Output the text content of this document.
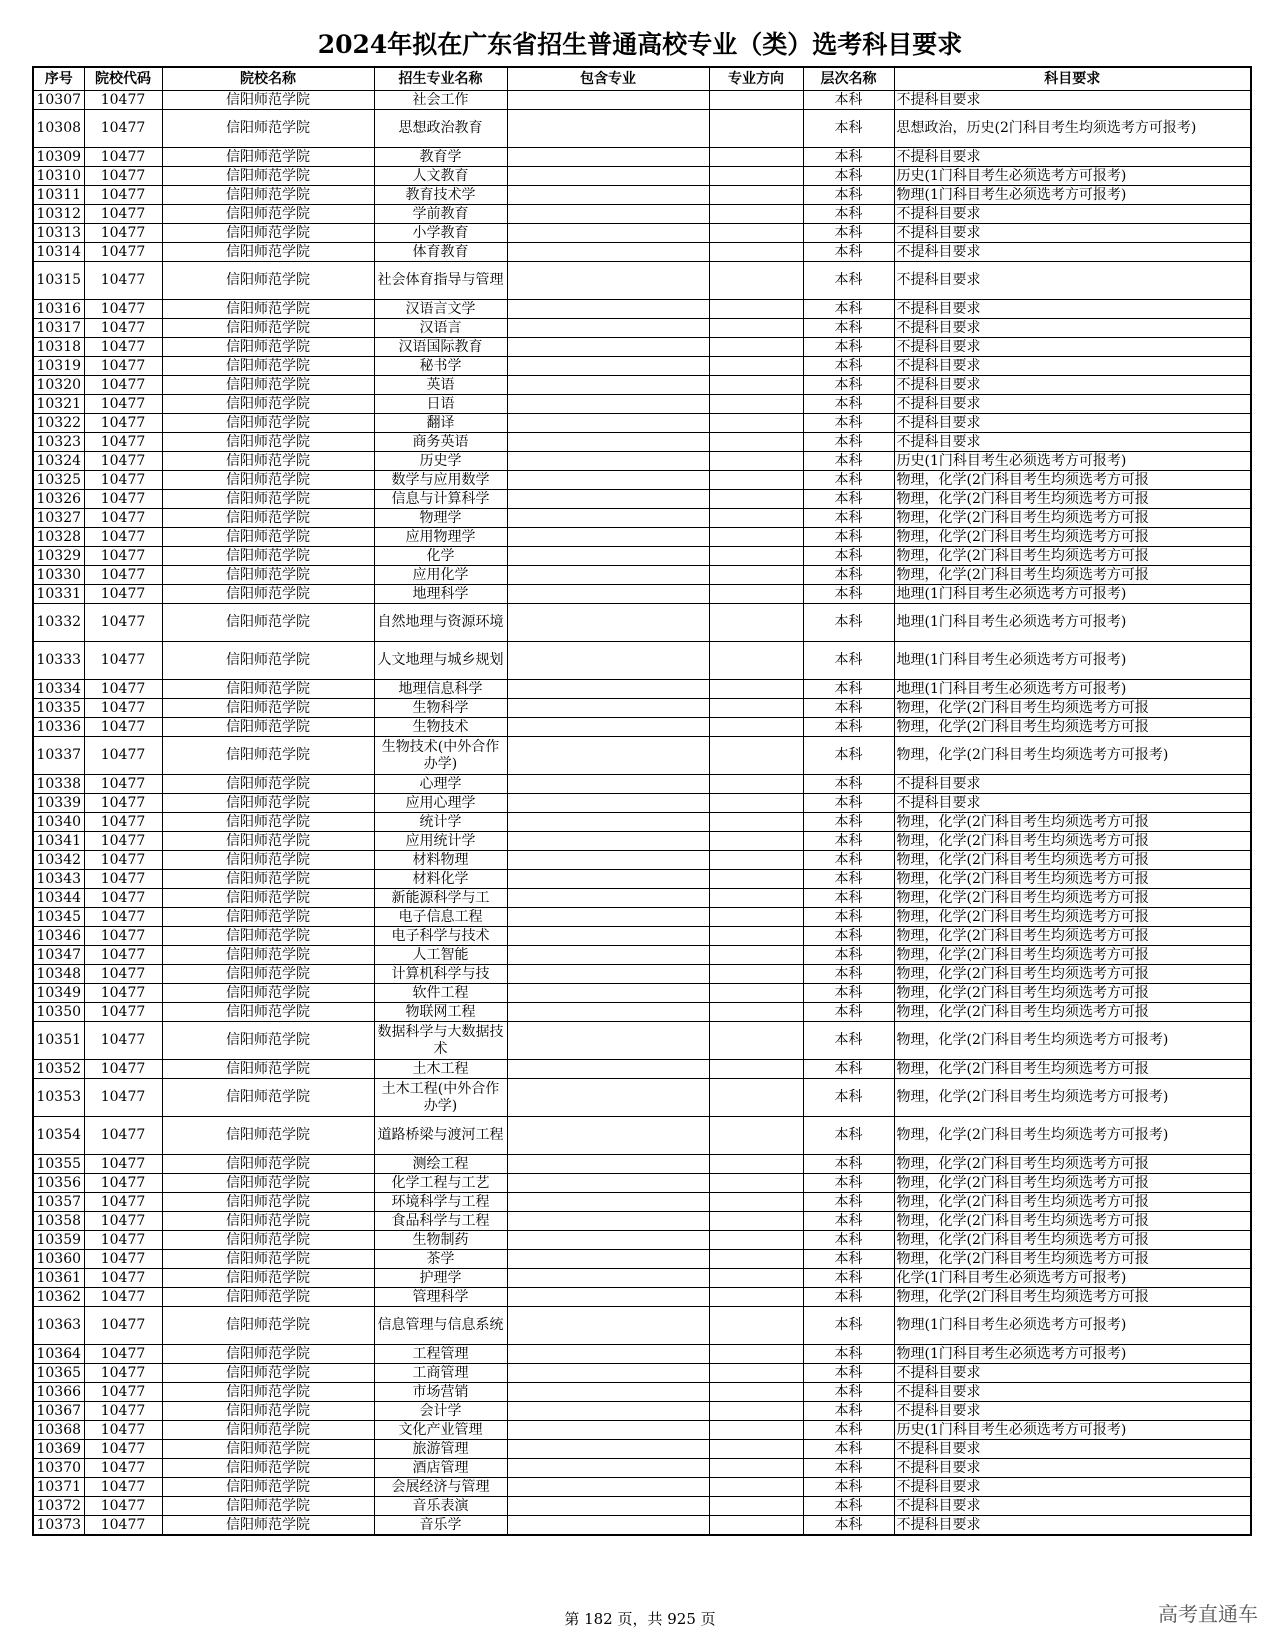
2024年拟在广东省招生普通高校专业（类）选考科目要求
序号	院校代码	院校名称	招生专业名称	包含专业	专业方向	层次名称	科目要求
10307	10477	信阳师范学院	社会工作			本科	不提科目要求
10308	10477	信阳师范学院	思想政治教育			本科	思想政治，历史(2门科目考生均须选考方可报考)
10309	10477	信阳师范学院	教育学			本科	不提科目要求
10310	10477	信阳师范学院	人文教育			本科	历史(1门科目考生必须选考方可报考)
10311	10477	信阳师范学院	教育技术学			本科	物理(1门科目考生必须选考方可报考)
10312	10477	信阳师范学院	学前教育			本科	不提科目要求
10313	10477	信阳师范学院	小学教育			本科	不提科目要求
10314	10477	信阳师范学院	体育教育			本科	不提科目要求
10315	10477	信阳师范学院	社会体育指导与管理			本科	不提科目要求
10316	10477	信阳师范学院	汉语言文学			本科	不提科目要求
10317	10477	信阳师范学院	汉语言			本科	不提科目要求
10318	10477	信阳师范学院	汉语国际教育			本科	不提科目要求
10319	10477	信阳师范学院	秘书学			本科	不提科目要求
10320	10477	信阳师范学院	英语			本科	不提科目要求
10321	10477	信阳师范学院	日语			本科	不提科目要求
10322	10477	信阳师范学院	翻译			本科	不提科目要求
10323	10477	信阳师范学院	商务英语			本科	不提科目要求
10324	10477	信阳师范学院	历史学			本科	历史(1门科目考生必须选考方可报考)
10325	10477	信阳师范学院	数学与应用数学			本科	物理，化学(2门科目考生均须选考方可报
10326	10477	信阳师范学院	信息与计算科学			本科	物理，化学(2门科目考生均须选考方可报
10327	10477	信阳师范学院	物理学			本科	物理，化学(2门科目考生均须选考方可报
10328	10477	信阳师范学院	应用物理学			本科	物理，化学(2门科目考生均须选考方可报
10329	10477	信阳师范学院	化学			本科	物理，化学(2门科目考生均须选考方可报
10330	10477	信阳师范学院	应用化学			本科	物理，化学(2门科目考生均须选考方可报
10331	10477	信阳师范学院	地理科学			本科	地理(1门科目考生必须选考方可报考)
10332	10477	信阳师范学院	自然地理与资源环境			本科	地理(1门科目考生必须选考方可报考)
10333	10477	信阳师范学院	人文地理与城乡规划			本科	地理(1门科目考生必须选考方可报考)
10334	10477	信阳师范学院	地理信息科学			本科	地理(1门科目考生必须选考方可报考)
10335	10477	信阳师范学院	生物科学			本科	物理，化学(2门科目考生均须选考方可报
10336	10477	信阳师范学院	生物技术			本科	物理，化学(2门科目考生均须选考方可报
10337	10477	信阳师范学院	生物技术(中外合作办学)			本科	物理，化学(2门科目考生均须选考方可报考)
10338	10477	信阳师范学院	心理学			本科	不提科目要求
10339	10477	信阳师范学院	应用心理学			本科	不提科目要求
10340	10477	信阳师范学院	统计学			本科	物理，化学(2门科目考生均须选考方可报
10341	10477	信阳师范学院	应用统计学			本科	物理，化学(2门科目考生均须选考方可报
10342	10477	信阳师范学院	材料物理			本科	物理，化学(2门科目考生均须选考方可报
10343	10477	信阳师范学院	材料化学			本科	物理，化学(2门科目考生均须选考方可报
10344	10477	信阳师范学院	新能源科学与工			本科	物理，化学(2门科目考生均须选考方可报
10345	10477	信阳师范学院	电子信息工程			本科	物理，化学(2门科目考生均须选考方可报
10346	10477	信阳师范学院	电子科学与技术			本科	物理，化学(2门科目考生均须选考方可报
10347	10477	信阳师范学院	人工智能			本科	物理，化学(2门科目考生均须选考方可报
10348	10477	信阳师范学院	计算机科学与技			本科	物理，化学(2门科目考生均须选考方可报
10349	10477	信阳师范学院	软件工程			本科	物理，化学(2门科目考生均须选考方可报
10350	10477	信阳师范学院	物联网工程			本科	物理，化学(2门科目考生均须选考方可报
10351	10477	信阳师范学院	数据科学与大数据技术			本科	物理，化学(2门科目考生均须选考方可报考)
10352	10477	信阳师范学院	土木工程			本科	物理，化学(2门科目考生均须选考方可报
10353	10477	信阳师范学院	土木工程(中外合作办学)			本科	物理，化学(2门科目考生均须选考方可报考)
10354	10477	信阳师范学院	道路桥梁与渡河工程			本科	物理，化学(2门科目考生均须选考方可报考)
10355	10477	信阳师范学院	测绘工程			本科	物理，化学(2门科目考生均须选考方可报
10356	10477	信阳师范学院	化学工程与工艺			本科	物理，化学(2门科目考生均须选考方可报
10357	10477	信阳师范学院	环境科学与工程			本科	物理，化学(2门科目考生均须选考方可报
10358	10477	信阳师范学院	食品科学与工程			本科	物理，化学(2门科目考生均须选考方可报
10359	10477	信阳师范学院	生物制药			本科	物理，化学(2门科目考生均须选考方可报
10360	10477	信阳师范学院	茶学			本科	物理，化学(2门科目考生均须选考方可报
10361	10477	信阳师范学院	护理学			本科	化学(1门科目考生必须选考方可报考)
10362	10477	信阳师范学院	管理科学			本科	物理，化学(2门科目考生均须选考方可报
10363	10477	信阳师范学院	信息管理与信息系统			本科	物理(1门科目考生必须选考方可报考)
10364	10477	信阳师范学院	工程管理			本科	物理(1门科目考生必须选考方可报考)
10365	10477	信阳师范学院	工商管理			本科	不提科目要求
10366	10477	信阳师范学院	市场营销			本科	不提科目要求
10367	10477	信阳师范学院	会计学			本科	不提科目要求
10368	10477	信阳师范学院	文化产业管理			本科	历史(1门科目考生必须选考方可报考)
10369	10477	信阳师范学院	旅游管理			本科	不提科目要求
10370	10477	信阳师范学院	酒店管理			本科	不提科目要求
10371	10477	信阳师范学院	会展经济与管理			本科	不提科目要求
10372	10477	信阳师范学院	音乐表演			本科	不提科目要求
10373	10477	信阳师范学院	音乐学			本科	不提科目要求
第 182 页，共 925 页	高考直通车
